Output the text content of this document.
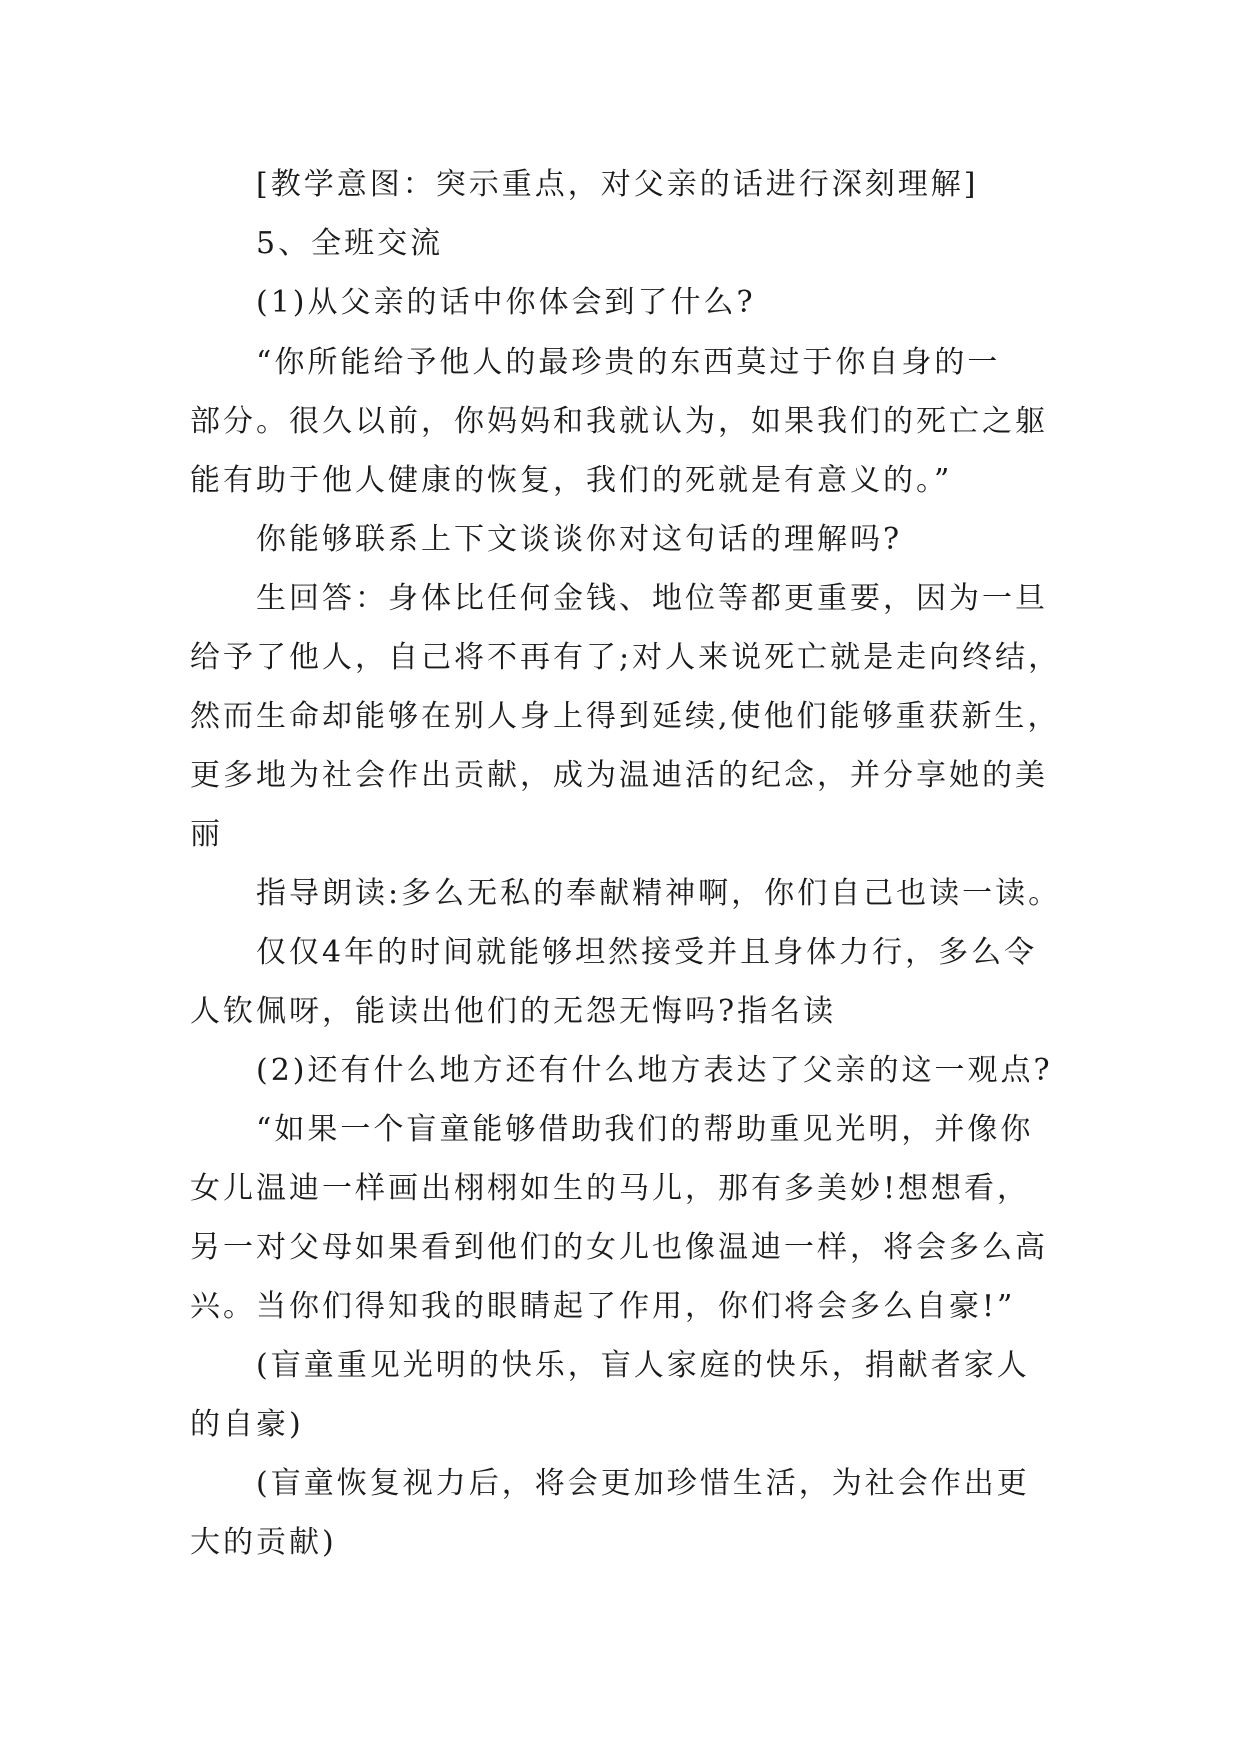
[教学意图：突示重点，对父亲的话进行深刻理解]
5、全班交流
(1)从父亲的话中你体会到了什么?
“你所能给予他人的最珍贵的东西莫过于你自身的一
部分。很久以前，你妈妈和我就认为，如果我们的死亡之躯
能有助于他人健康的恢复，我们的死就是有意义的。”
你能够联系上下文谈谈你对这句话的理解吗?
生回答：身体比任何金钱、地位等都更重要，因为一旦
给予了他人，自己将不再有了;对人来说死亡就是走向终结，
然而生命却能够在别人身上得到延续,使他们能够重获新生，
更多地为社会作出贡献，成为温迪活的纪念，并分享她的美
丽
指导朗读:多么无私的奉献精神啊，你们自己也读一读。
仅仅4年的时间就能够坦然接受并且身体力行，多么令
人钦佩呀，能读出他们的无怨无悔吗?指名读
(2)还有什么地方还有什么地方表达了父亲的这一观点?
“如果一个盲童能够借助我们的帮助重见光明，并像你
女儿温迪一样画出栩栩如生的马儿，那有多美妙!想想看，
另一对父母如果看到他们的女儿也像温迪一样，将会多么高
兴。当你们得知我的眼睛起了作用，你们将会多么自豪!”
(盲童重见光明的快乐，盲人家庭的快乐，捐献者家人
的自豪)
(盲童恢复视力后，将会更加珍惜生活，为社会作出更
大的贡献)
